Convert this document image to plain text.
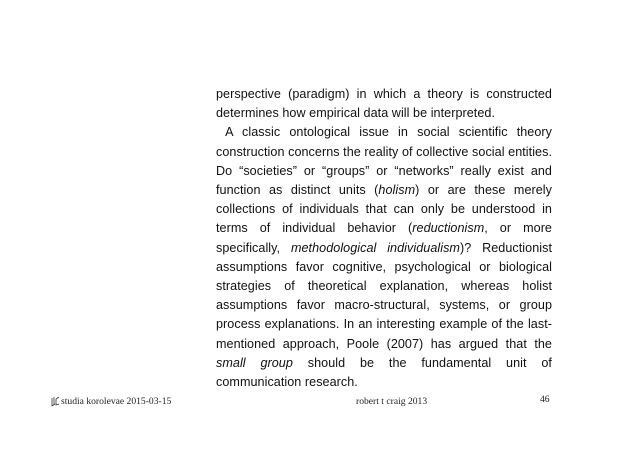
perspective (paradigm) in which a theory is constructed determines how empirical data will be interpreted.

A classic ontological issue in social scientific theory construction concerns the reality of collective social entities. Do “societies” or “groups” or “networks” really exist and function as distinct units (holism) or are these merely collections of individuals that can only be understood in terms of individual behavior (reductionism, or more specifically, methodological individualism)? Reductionist assumptions favor cognitive, psychological or biological strategies of theoretical explanation, whereas holist assumptions favor macro-structural, systems, or group process explanations. In an interesting example of the last-mentioned approach, Poole (2007) has argued that the small group should be the fundamental unit of communication research.

studia korolevae 2015-03-15	robert t craig 2013	46
